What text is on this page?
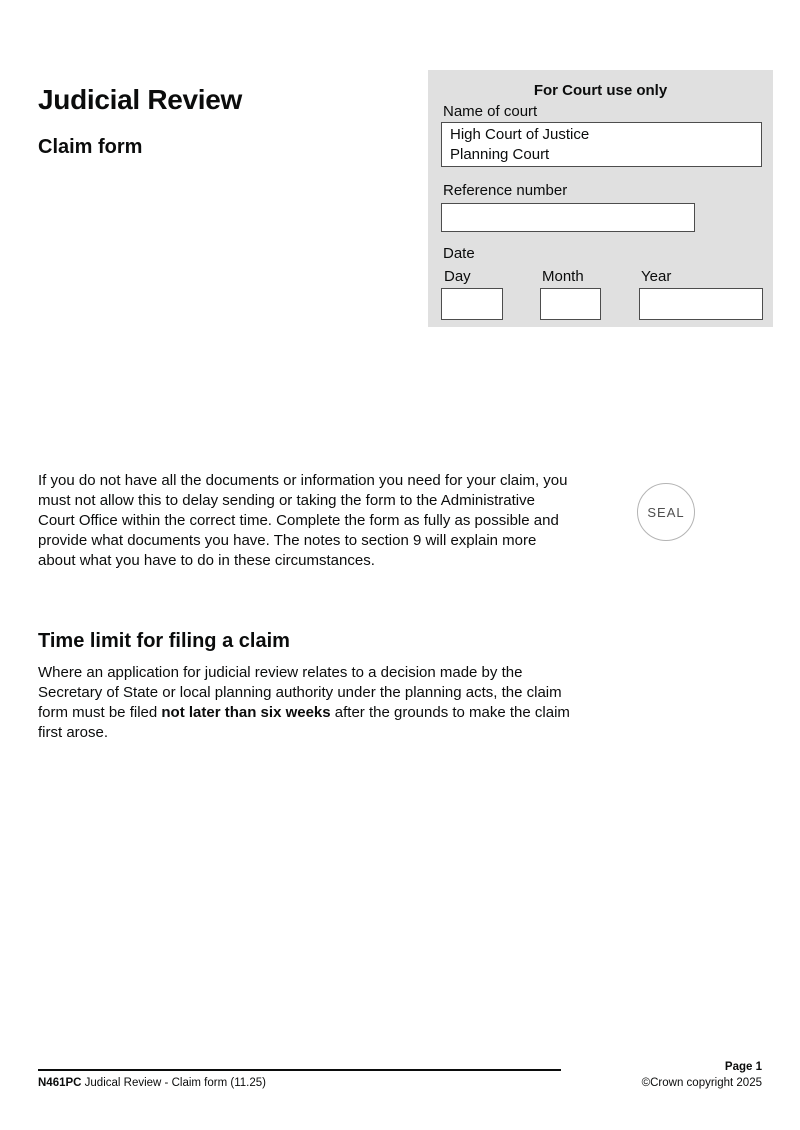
Judicial Review
Claim form
For Court use only
Name of court
High Court of Justice Planning Court
Reference number
Date
Day	Month	Year

If you do not have all the documents or information you need for your claim, you must not allow this to delay sending or taking the form to the Administrative Court Office within the correct time. Complete the form as fully as possible and provide what documents you have. The notes to section 9 will explain more about what you have to do in these circumstances.

SEAL
Time limit for filing a claim

Where an application for judicial review relates to a decision made by the Secretary of State or local planning authority under the planning acts, the claim form must be filed not later than six weeks after the grounds to make the claim first arose.

N461PC Judical Review - Claim form (11.25)
Page 1
©Crown copyright 2025
